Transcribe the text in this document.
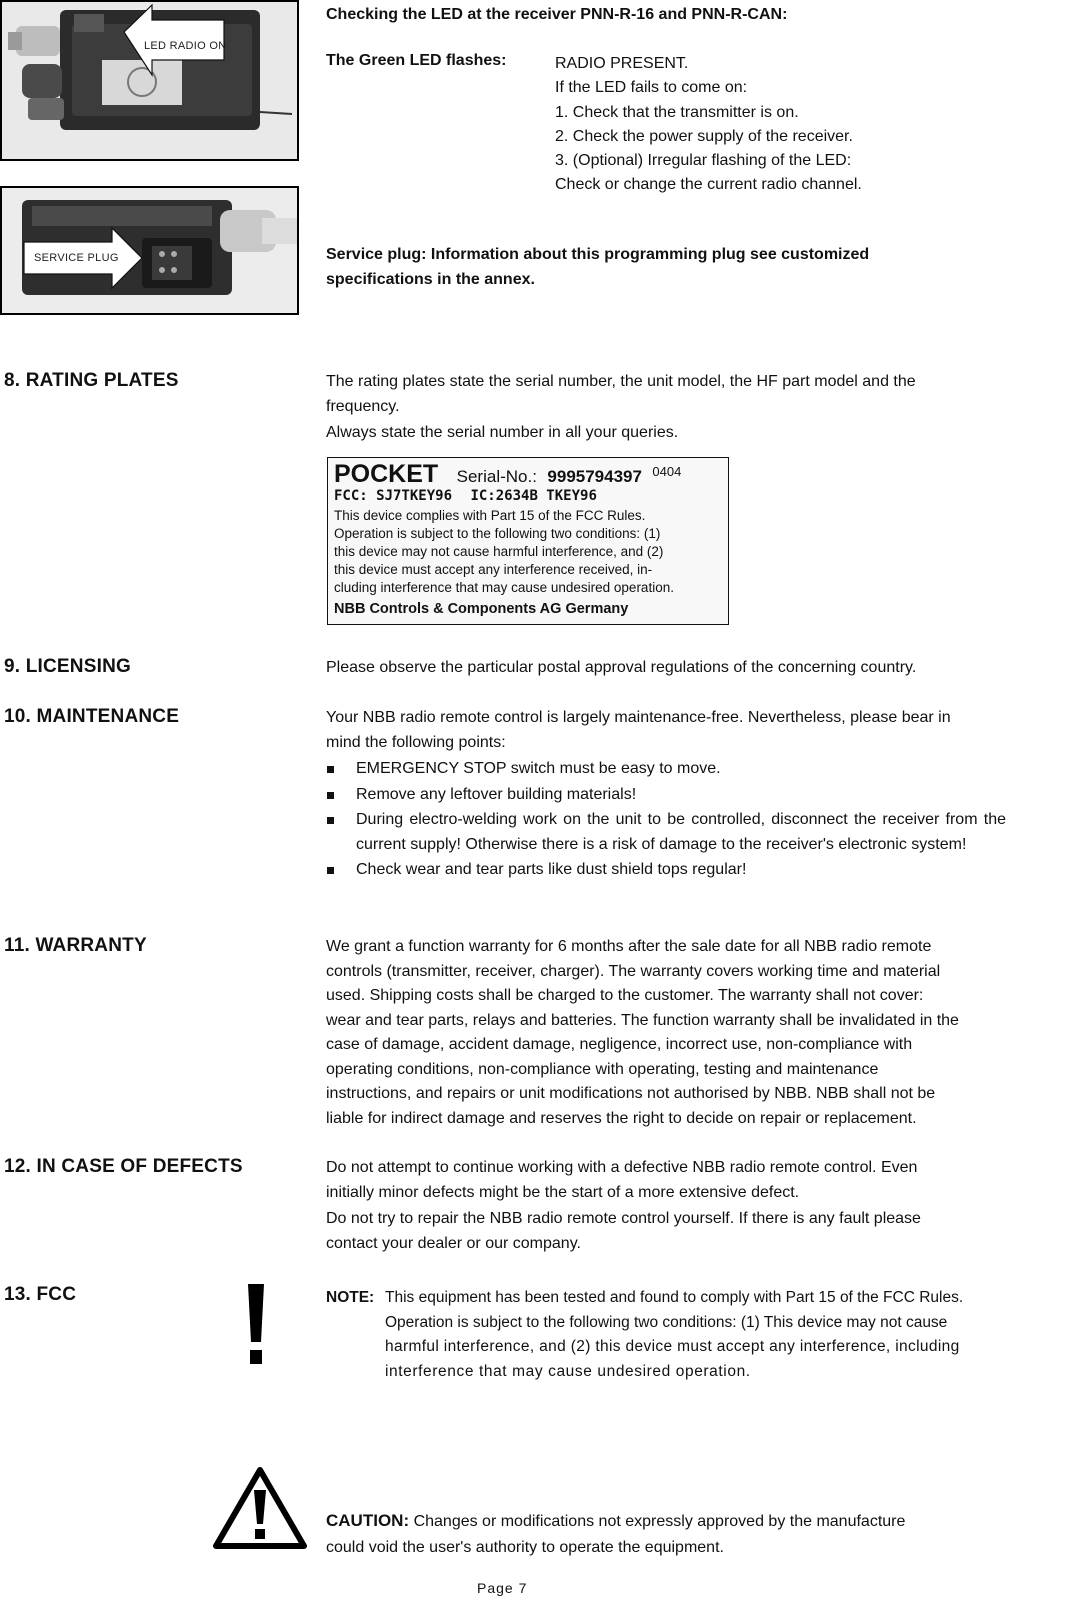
LED RADIO ON
SERVICE PLUG
Checking the LED at the receiver PNN-R-16 and PNN-R-CAN:
The Green LED flashes:	RADIO PRESENT.
If the LED fails to come on:
1. Check that the transmitter is on.
2. Check the power supply of the receiver.
3. (Optional) Irregular flashing of the LED:
Check or change the current radio channel.
Service plug: Information about this programming plug see customized
specifications in the annex.
8. RATING PLATES	The rating plates state the serial number, the unit model, the HF part model and the
frequency.
Always state the serial number in all your queries.
POCKET Serial-No.: 9995794397 $^{0404}$
FCC: SJ7TKEY96 IC:2634B TKEY96
This device complies with Part 15 of the FCC Rules.
Operation is subject to the following two conditions: (1)
this device may not cause harmful interference, and (2)
this device must accept any interference received, in-
cluding interference that may cause undesired operation.
NBB Controls & Components AG Germany
9. LICENSING	Please observe the particular postal approval regulations of the concerning country.
10. MAINTENANCE	Your NBB radio remote control is largely maintenance-free. Nevertheless, please bear in
mind the following points:
EMERGENCY STOP switch must be easy to move.
Remove any leftover building materials!
During electro-welding work on the unit to be controlled, disconnect the receiver from the current supply! Otherwise there is a risk of damage to the receiver's electronic system!
Check wear and tear parts like dust shield tops regular!
11. WARRANTY	We grant a function warranty for 6 months after the sale date for all NBB radio remote
controls (transmitter, receiver, charger). The warranty covers working time and material
used. Shipping costs shall be charged to the customer. The warranty shall not cover:
wear and tear parts, relays and batteries. The function warranty shall be invalidated in the
case of damage, accident damage, negligence, incorrect use, non-compliance with
operating conditions, non-compliance with operating, testing and maintenance
instructions, and repairs or unit modifications not authorised by NBB. NBB shall not be
liable for indirect damage and reserves the right to decide on repair or replacement.
12. IN CASE OF DEFECTS	Do not attempt to continue working with a defective NBB radio remote control. Even
initially minor defects might be the start of a more extensive defect.
Do not try to repair the NBB radio remote control yourself. If there is any fault please
contact your dealer or our company.
13. FCC	NOTE: This equipment has been tested and found to comply with Part 15 of the FCC Rules.
Operation is subject to the following two conditions: (1) This device may not cause
harmful interference, and (2) this device must accept any interference, including
interference that may cause undesired operation.
CAUTION: Changes or modifications not expressly approved by the manufacture
could void the user's authority to operate the equipment.
Page 7
